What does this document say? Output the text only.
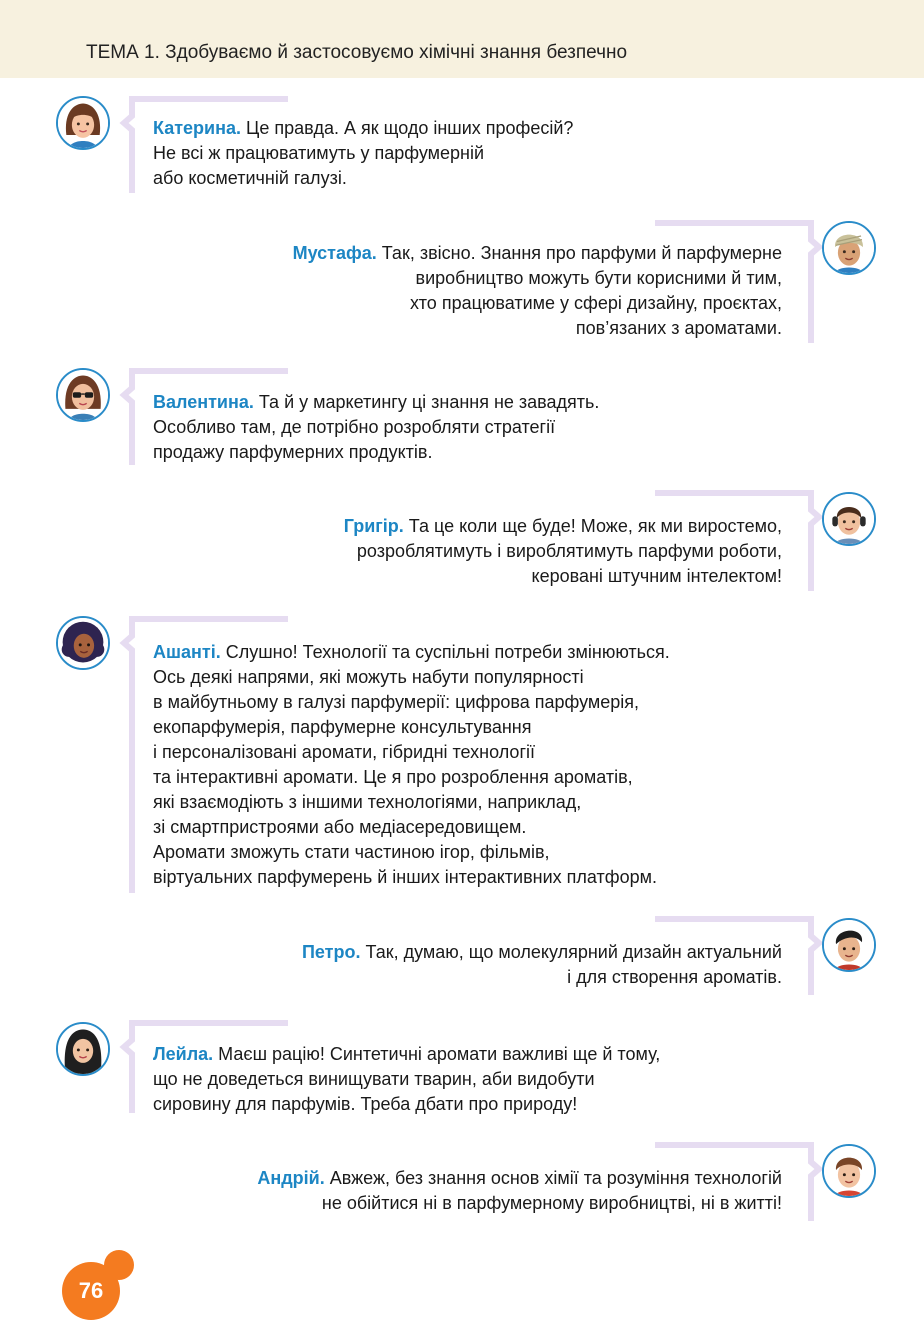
ТЕМА 1. Здобуваємо й застосовуємо хімічні знання безпечно
Катерина. Це правда. А як щодо інших професій?
Не всі ж працюватимуть у парфумерній
або косметичній галузі.
Мустафа. Так, звісно. Знання про парфуми й парфумерне
виробництво можуть бути корисними й тим,
хто працюватиме у сфері дизайну, проєктах,
пов’язаних з ароматами.
Валентина. Та й у маркетингу ці знання не завадять.
Особливо там, де потрібно розробляти стратегії
продажу парфумерних продуктів.
Григір. Та це коли ще буде! Може, як ми виростемо,
розроблятимуть і вироблятимуть парфуми роботи,
керовані штучним інтелектом!
Ашанті. Слушно! Технології та суспільні потреби змінюються.
Ось деякі напрями, які можуть набути популярності
в майбутньому в галузі парфумерії: цифрова парфумерія,
екопарфумерія, парфумерне консультування
і персоналізовані аромати, гібридні технології
та інтерактивні аромати. Це я про розроблення ароматів,
які взаємодіють з іншими технологіями, наприклад,
зі смартпристроями або медіасередовищем.
Аромати зможуть стати частиною ігор, фільмів,
віртуальних парфумерень й інших інтерактивних платформ.
Петро. Так, думаю, що молекулярний дизайн актуальний
і для створення ароматів.
Лейла. Маєш рацію! Синтетичні аромати важливі ще й тому,
що не доведеться винищувати тварин, аби видобути
сировину для парфумів. Треба дбати про природу!
Андрій. Авжеж, без знання основ хімії та розуміння технологій
не обійтися ні в парфумерному виробництві, ні в житті!
76
